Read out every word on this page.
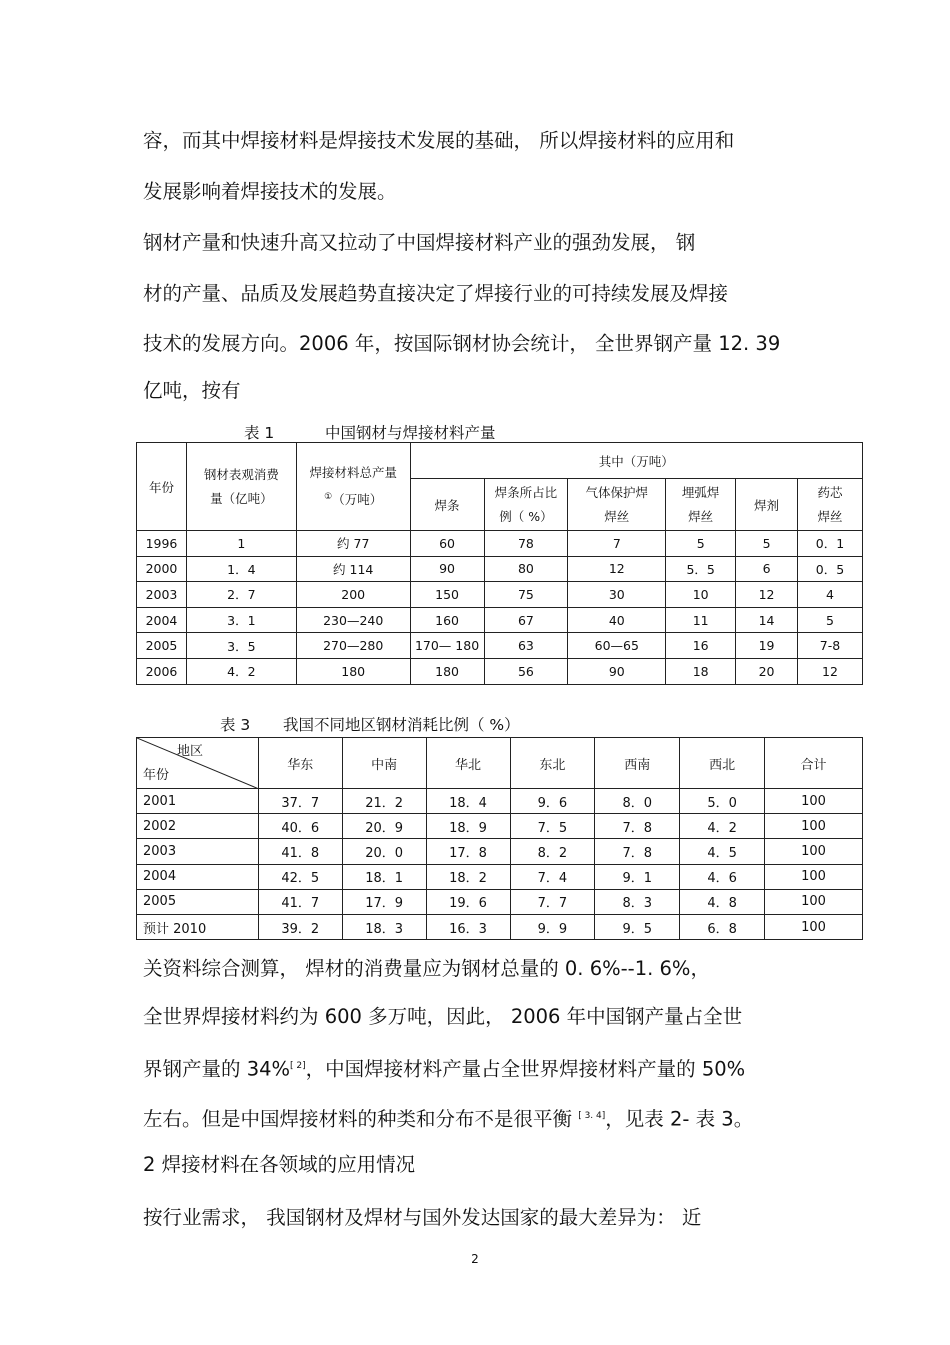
容，而其中焊接材料是焊接技术发展的基础， 所以焊接材料的应用和
发展影响着焊接技术的发展。
钢材产量和快速升高又拉动了中国焊接材料产业的强劲发展， 钢
材的产量、品质及发展趋势直接决定了焊接行业的可持续发展及焊接
技术的发展方向。2006 年，按国际钢材协会统计， 全世界钢产量 12. 39
亿吨，按有
表 1	中国钢材与焊接材料产量
年份	钢材表观消费量（亿吨）	焊接材料总产量①（万吨）	其中（万吨）					
			焊条	焊条所占比例（ %）	气体保护焊焊丝	埋弧焊焊丝	焊剂	药芯焊丝
1996	1	约 77	60	78	7	5	5	0．1
2000	1．4	约 114	90	80	12	5．5	6	0．5
2003	2．7	200	150	75	30	10	12	4
2004	3．1	230—240	160	67	40	11	14	5
2005	3．5	270—280	170— 180	63	60—65	16	19	7-8
2006	4．2	180	180	56	90	18	20	12
表 3 我国不同地区钢材消耗比例（ %）
地区
年份	华东	中南	华北	东北	西南	西北	合计
2001	37．7	21．2	18．4	9．6	8．0	5．0	100
2002	40．6	20．9	18．9	7．5	7．8	4．2	100
2003	41．8	20．0	17．8	8．2	7．8	4．5	100
2004	42．5	18．1	18．2	7．4	9．1	4．6	100
2005	41．7	17．9	19．6	7．7	8．3	4．8	100
预计 2010	39．2	18．3	16．3	9．9	9．5	6．8	100
关资料综合测算， 焊材的消费量应为钢材总量的 0. 6%--1. 6%，
全世界焊接材料约为 600 多万吨，因此， 2006 年中国钢产量占全世
界钢产量的 34%[ 2]，中国焊接材料产量占全世界焊接材料产量的 50%
左右。但是中国焊接材料的种类和分布不是很平衡 [ 3. 4]，见表 2- 表 3。
2 焊接材料在各领域的应用情况
按行业需求， 我国钢材及焊材与国外发达国家的最大差异为： 近
2
